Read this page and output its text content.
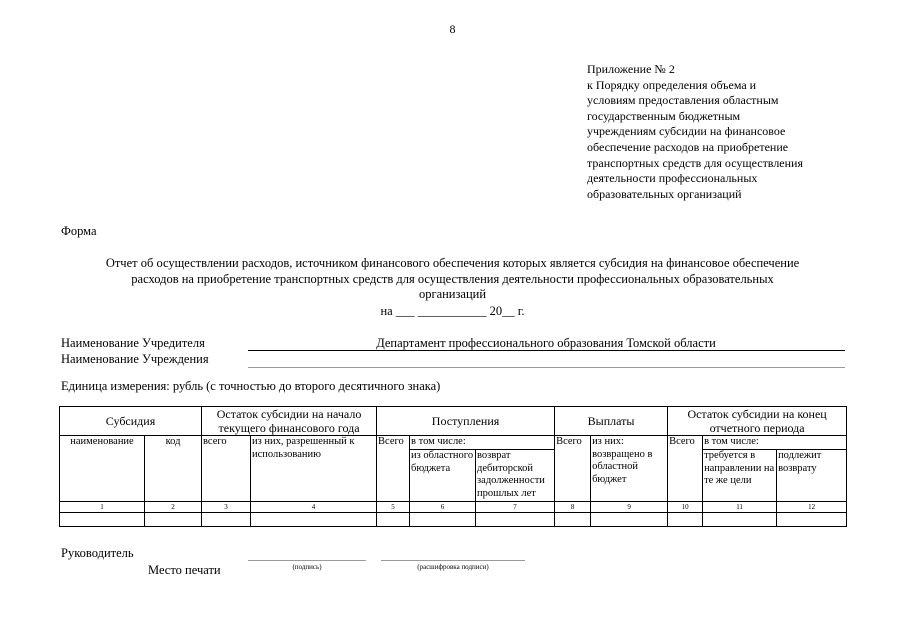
8
Приложение № 2
к Порядку определения объема и
условиям предоставления областным
государственным бюджетным
учреждениям субсидии на финансовое
обеспечение расходов на приобретение
транспортных средств для осуществления
деятельности профессиональных
образовательных организаций
Форма
Отчет об осуществлении расходов, источником финансового обеспечения которых является субсидия на финансовое обеспечение
расходов на приобретение транспортных средств для осуществления деятельности профессиональных образовательных
организаций
на ___ ___________ 20__ г.
Наименование Учредителя	Департамент профессионального образования Томской области
Наименование Учреждения
Единица измерения: рубль (с точностью до второго десятичного знака)
Субсидия		Остаток субсидии на начало текущего финансового года		Поступления			Выплаты		Остаток субсидии на конец отчетного периода		
наименование	код	всего	из них, разрешенный к использованию	Всего	в том числе:		Всего	из них: возвращено в областной бюджет	Всего	в том числе:	
					из областного бюджета	возврат дебиторской задолженности прошлых лет				требуется в направлении на те же цели	подлежит возврату
1	2	3	4	5	6	7	8	9	10	11	12

Руководитель
Место печати	(подпись)	(расшифровка подписи)
